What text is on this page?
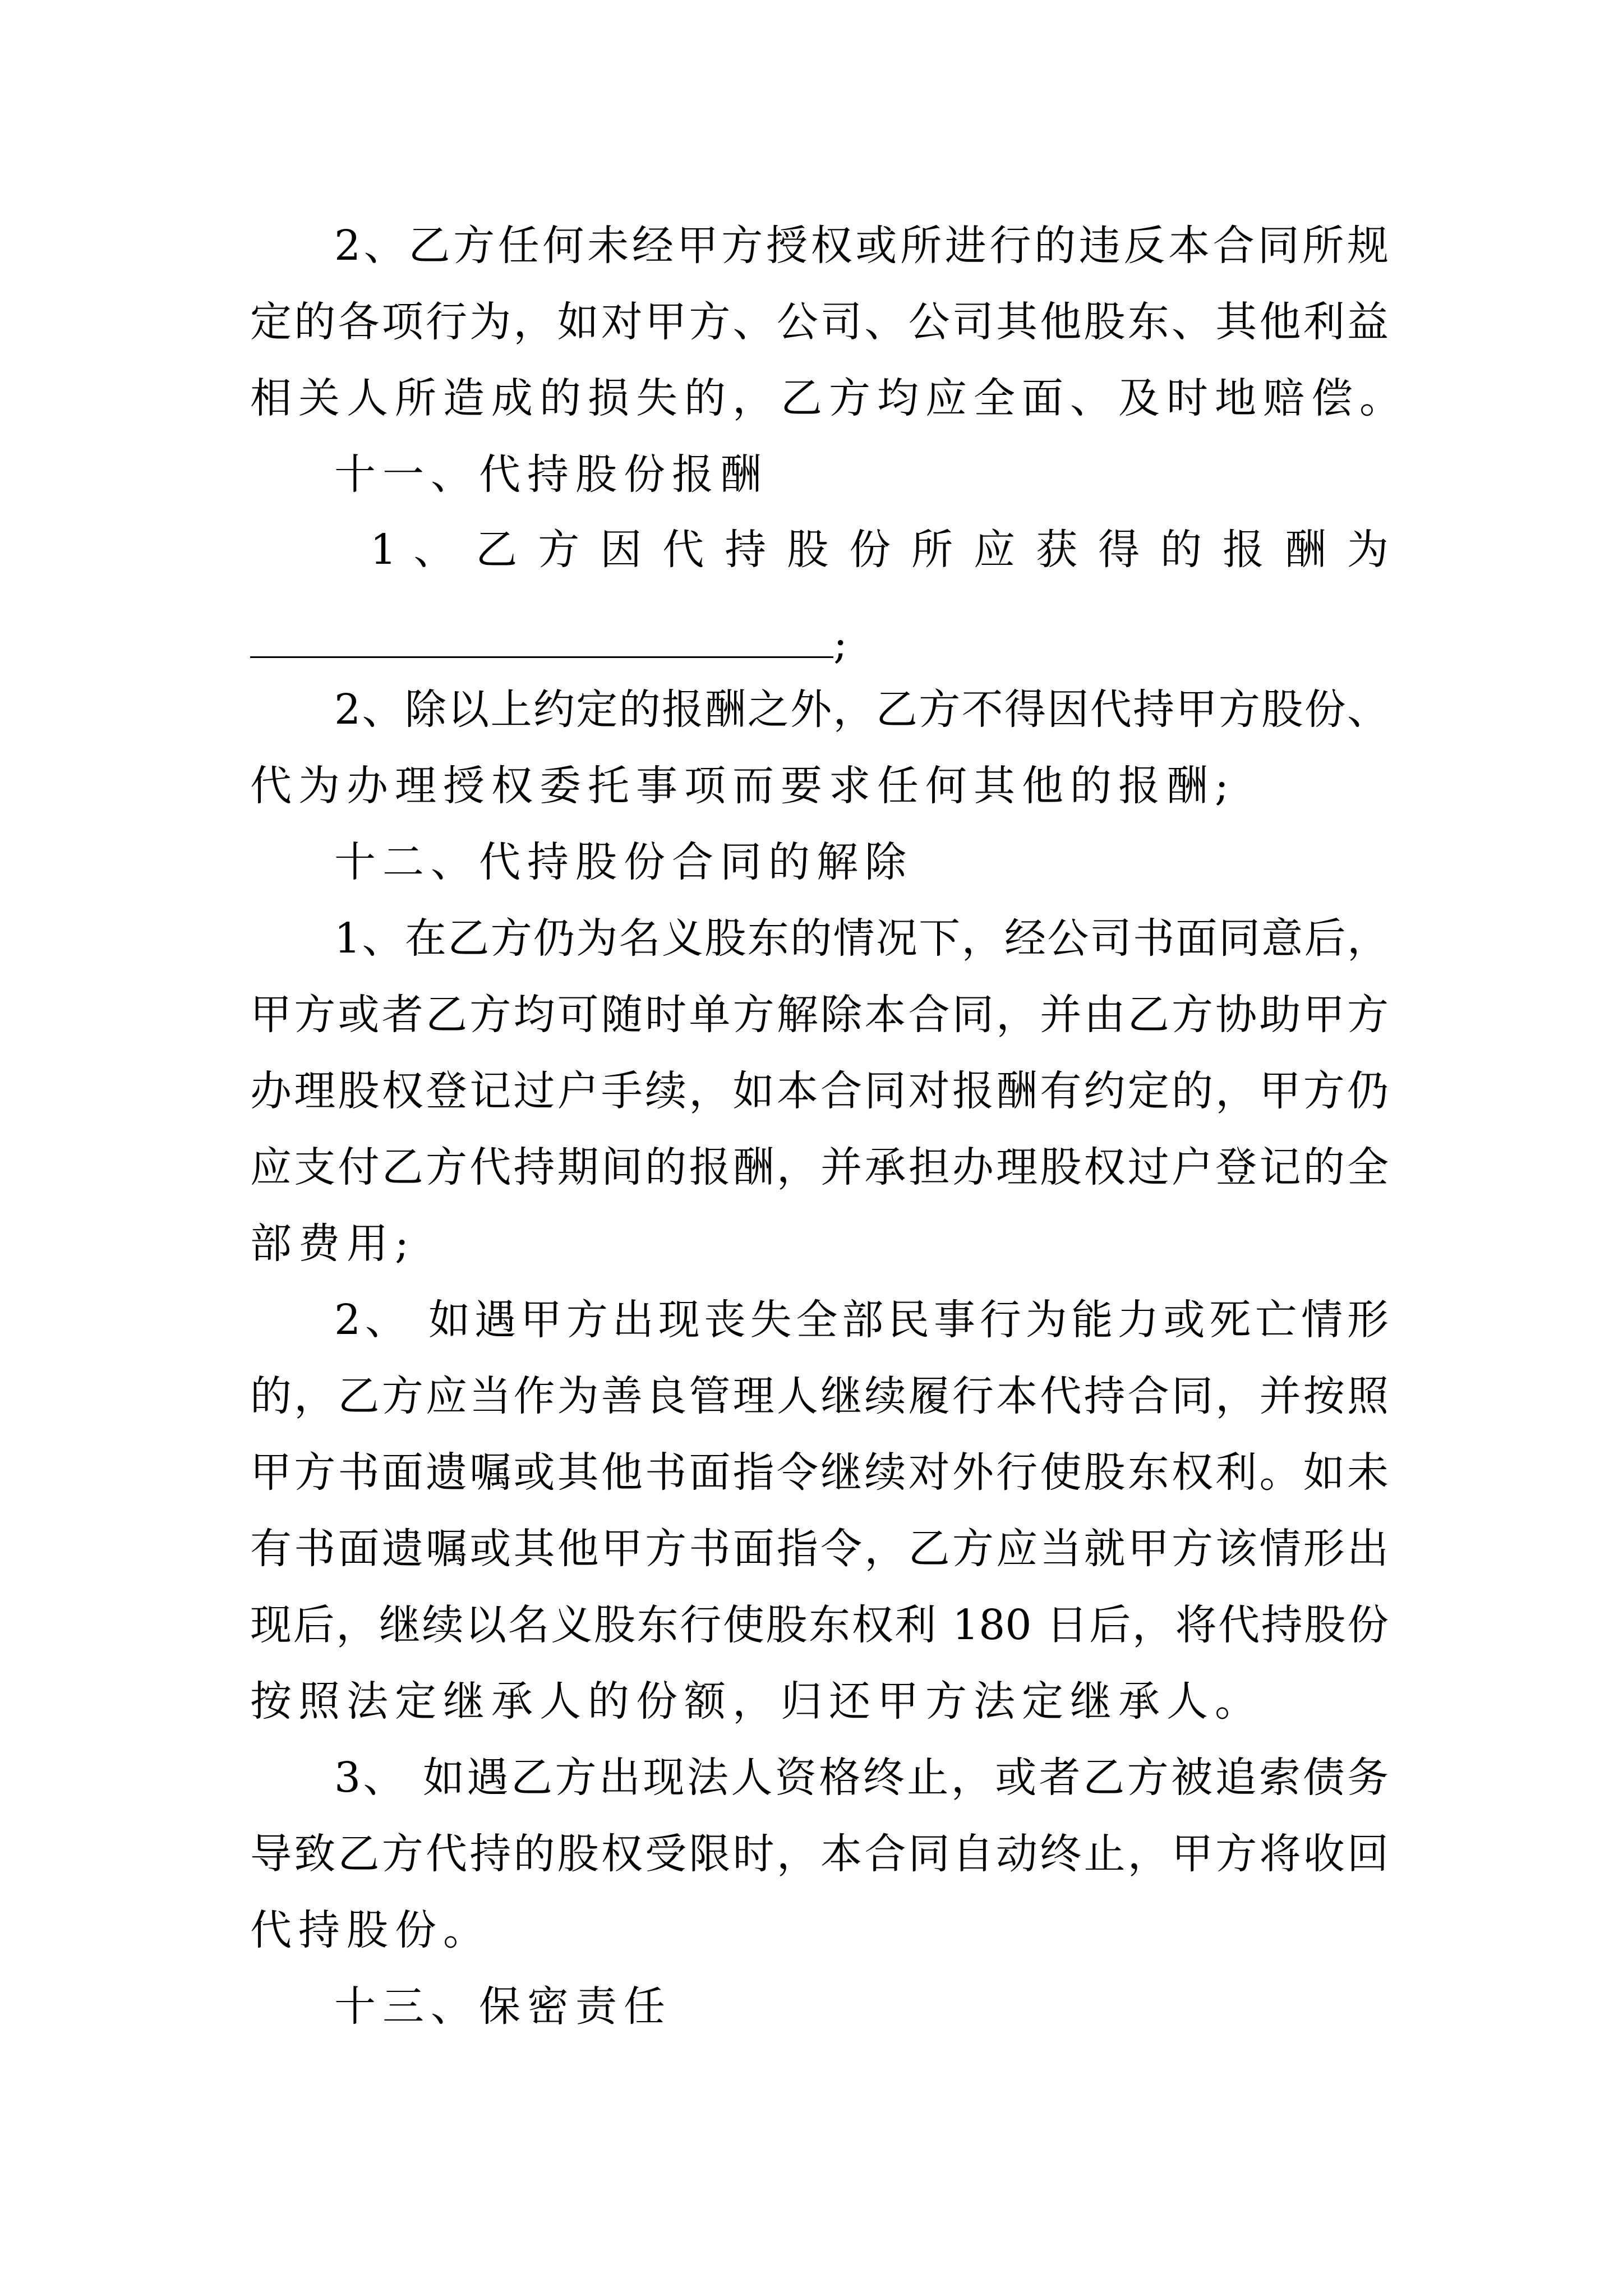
2、乙方任何未经甲方授权或所进行的违反本合同所规
定的各项行为，如对甲方、公司、公司其他股东、其他利益
相关人所造成的损失的，乙方均应全面、及时地赔偿。
十一、代持股份报酬
1 、 乙 方 因 代 持 股 份 所 应 获 得 的 报 酬 为
;
2、除以上约定的报酬之外，乙方不得因代持甲方股份、
代为办理授权委托事项而要求任何其他的报酬;
十二、代持股份合同的解除
1、在乙方仍为名义股东的情况下，经公司书面同意后，
甲方或者乙方均可随时单方解除本合同，并由乙方协助甲方
办理股权登记过户手续，如本合同对报酬有约定的，甲方仍
应支付乙方代持期间的报酬，并承担办理股权过户登记的全
部费用;
2、 如遇甲方出现丧失全部民事行为能力或死亡情形
的，乙方应当作为善良管理人继续履行本代持合同，并按照
甲方书面遗嘱或其他书面指令继续对外行使股东权利。如未
有书面遗嘱或其他甲方书面指令，乙方应当就甲方该情形出
现后，继续以名义股东行使股东权利 180 日后，将代持股份
按照法定继承人的份额，归还甲方法定继承人。
3、 如遇乙方出现法人资格终止，或者乙方被追索债务
导致乙方代持的股权受限时，本合同自动终止，甲方将收回
代持股份。
十三、保密责任
